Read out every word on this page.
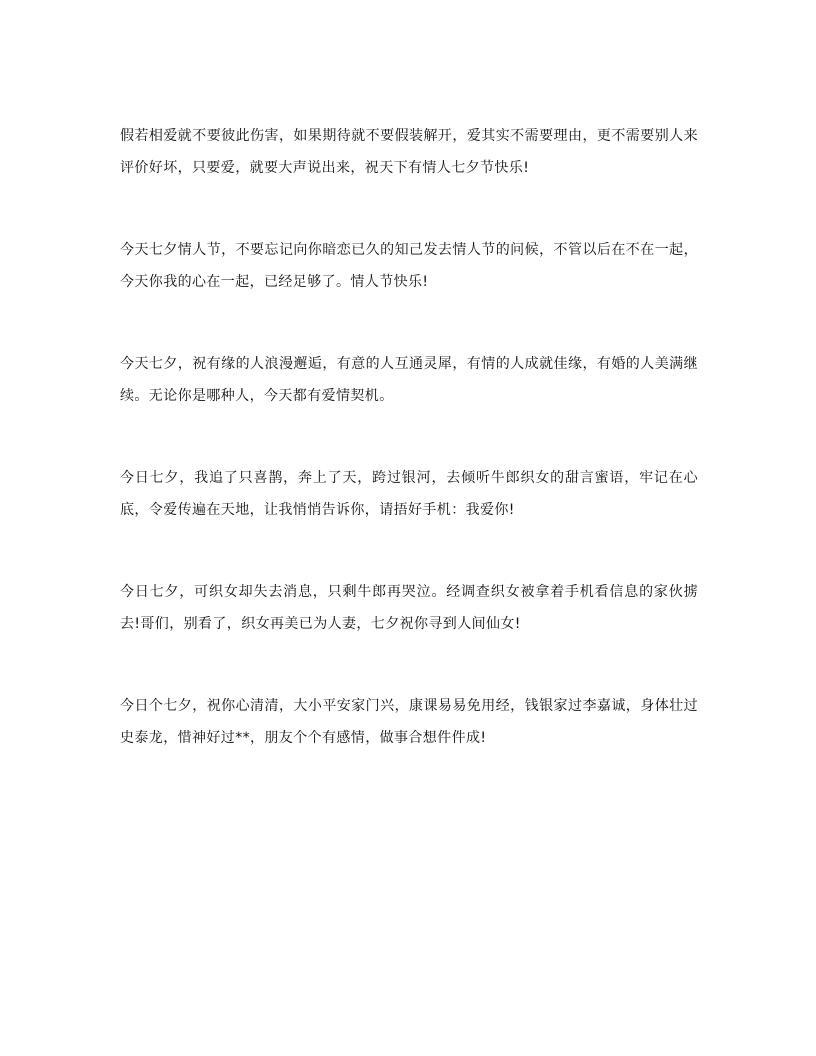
假若相爱就不要彼此伤害，如果期待就不要假装解开，爱其实不需要理由，更不需要别人来评价好坏，只要爱，就要大声说出来，祝天下有情人七夕节快乐!

今天七夕情人节，不要忘记向你暗恋已久的知己发去情人节的问候，不管以后在不在一起，今天你我的心在一起，已经足够了。情人节快乐!

今天七夕，祝有缘的人浪漫邂逅，有意的人互通灵犀，有情的人成就佳缘，有婚的人美满继续。无论你是哪种人，今天都有爱情契机。

今日七夕，我追了只喜鹊，奔上了天，跨过银河，去倾听牛郎织女的甜言蜜语，牢记在心底，令爱传遍在天地，让我悄悄告诉你，请捂好手机：我爱你!

今日七夕，可织女却失去消息，只剩牛郎再哭泣。经调查织女被拿着手机看信息的家伙掳去!哥们，别看了，织女再美已为人妻，七夕祝你寻到人间仙女!

今日个七夕，祝你心清清，大小平安家门兴，康课易易免用经，钱银家过李嘉诚，身体壮过史泰龙，惜神好过**，朋友个个有感情，做事合想件件成!
